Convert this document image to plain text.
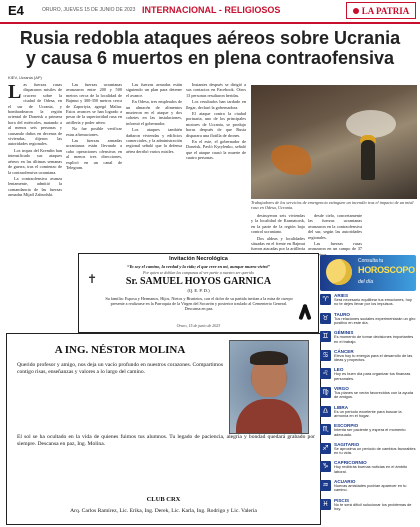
E4	ORURO, JUEVES 15 DE JUNIO DE 2023 INTERNACIONAL - RELIGIOSOS	LA PATRIA
Rusia redobla ataques aéreos sobre Ucrania
y causa 6 muertos en plena contraofensiva
KIEV, Ucrania (AP)

Las fuerzas rusas dispararon misiles de crucero sobre la ciudad de Odesa, en el sur de Ucrania, y bombardearon la región oriental de Donetsk a primera hora del miércoles, matando a al menos seis personas y causando daños en decenas de viviendas, dijeron las autoridades regionales.

Los tropas del Kremlin han intensificado sus ataques aéreos en las últimas semanas de guerra, tras el comienzo de la contraofensiva ucraniana.

La contraofensiva avanza lentamente, admitió la comandancia de las fuerzas armadas Mijaíl Zabrodski.

Las fuerzas ucranianas avanzaron entre 200 y 500 metros cerca de la localidad de Bajmut y 300-350 metros cerca de Zaporiyia, agregó Maliar. Estos avances se han logrado a pesar de la superioridad rusa en artillería y poder aéreo.

No fue posible verificar estas afirmaciones.

Las fuerzas armadas ucranianas están llevando a cabo operaciones ofensivas en al menos tres direcciones, explicó en un canal de Telegram.

Las fuerzas armadas están siguiendo un plan para detener el avance.

En Odesa, tres empleados de un almacén de alimentos murieron en el ataque y dos cohetes en las instalaciones, informó el gobernador.

Los ataques también dañaron viviendas y edificios comerciales, y la administración regional señaló que la defensa aérea derribó varios misiles.

Instantes después se dirigió a sus contactos en Facebook. Otros 13 personas resultaron heridas.

Los resultados han tardado en llegar, declaró la gobernadora.

El ataque contra la ciudad portuaria, uno de los principales motores de Ucrania, se produjo horas después de que Rusia disparara una flotilla de drones.

En el este, el gobernador de Donetsk, Pavló Kyrylenko, señaló que el ataque causó la muerte de cuatro personas.

Trabajadores de los servicios de emergencia extinguen un incendio tras el impacto de un misil ruso en Odesa, Ucrania.

destruyeron seis viviendas y la localidad de Kramatorsk, en la parte de la región bajo control ucraniano.

Dos aldeas y localidades situadas en el frente en Bajmut fueron atacadas por la artillería

desde cielo, concretamente las fuerzas ucranianas avanzaron en la contraofensiva del sur, según las autoridades regionales.

Las fuerzas rusas avanzaron en un campo de 37

✝
Invitación Necrológica
“Yo soy el camino, la verdad y la vida; el que cree en mí, aunque muera vivirá”
Por quien se doblan las campanas al ver partir a nuestro ser querido
Sr. SAMUEL HOYOS GARNICA
(Q. E. P. D.)
Su familia: Esposa y Hermanos, Hijos, Nietos y Bisnietos, con el dolor de su partida invitan a la misa de cuerpo presente a realizarse en la Parroquia de la Virgen del Socavón y posterior traslado al Cementerio General. Descansa en paz.
Oruro, 15 de junio de 2023
A ING. NÉSTOR MOLINA
Querido profesor y amigo, nos deja un vacío profundo en nuestros corazones. Compartimos contigo risas, enseñanzas y valores a lo largo del camino.
El sol se ha ocultado en la vida de quienes fuimos tus alumnos. Tu legado de paciencia, alegría y bondad quedará grabado por siempre. Descansa en paz, Ing. Molina.
CLUB CRX
Arq. Carlos Ramírez, Lic. Erika, Ing. Derek, Lic. Karla, Ing. Rodrigo y Lic. Valeria
Consulta tu
HOROSCOPO
del día
♈	ARIES
Será necesario equilibrar tus emociones, hoy no te dejes llevar por los impulsos.
♉	TAURO
Tus relaciones sociales experimentarán un giro positivo en este día.
♊	GÉMINIS
Es momento de tomar decisiones importantes en el trabajo.
♋	CÁNCER
Eleva hoy tu energía para el desarrollo de las ideas y proyectos.
♌	LEO
Hoy es buen día para organizar tus finanzas personales.
♍	VIRGO
Tus planes se verán favorecidos con la ayuda de amigos.
♎	LIBRA
Es un periodo excelente para buscar la armonía en el hogar.
♏	ESCORPIO
Intenta ser paciente y espera el momento adecuado.
♐	SAGITARIO
Se aproxima un período de cambios favorables en tu vida.
♑	CAPRICORNIO
Hoy recibirás buenas noticias en el ámbito laboral.
♒	ACUARIO
Nuevas amistades podrían aparecer en tu camino.
♓	PISCIS
No te será difícil solucionar los problemas de hoy.
